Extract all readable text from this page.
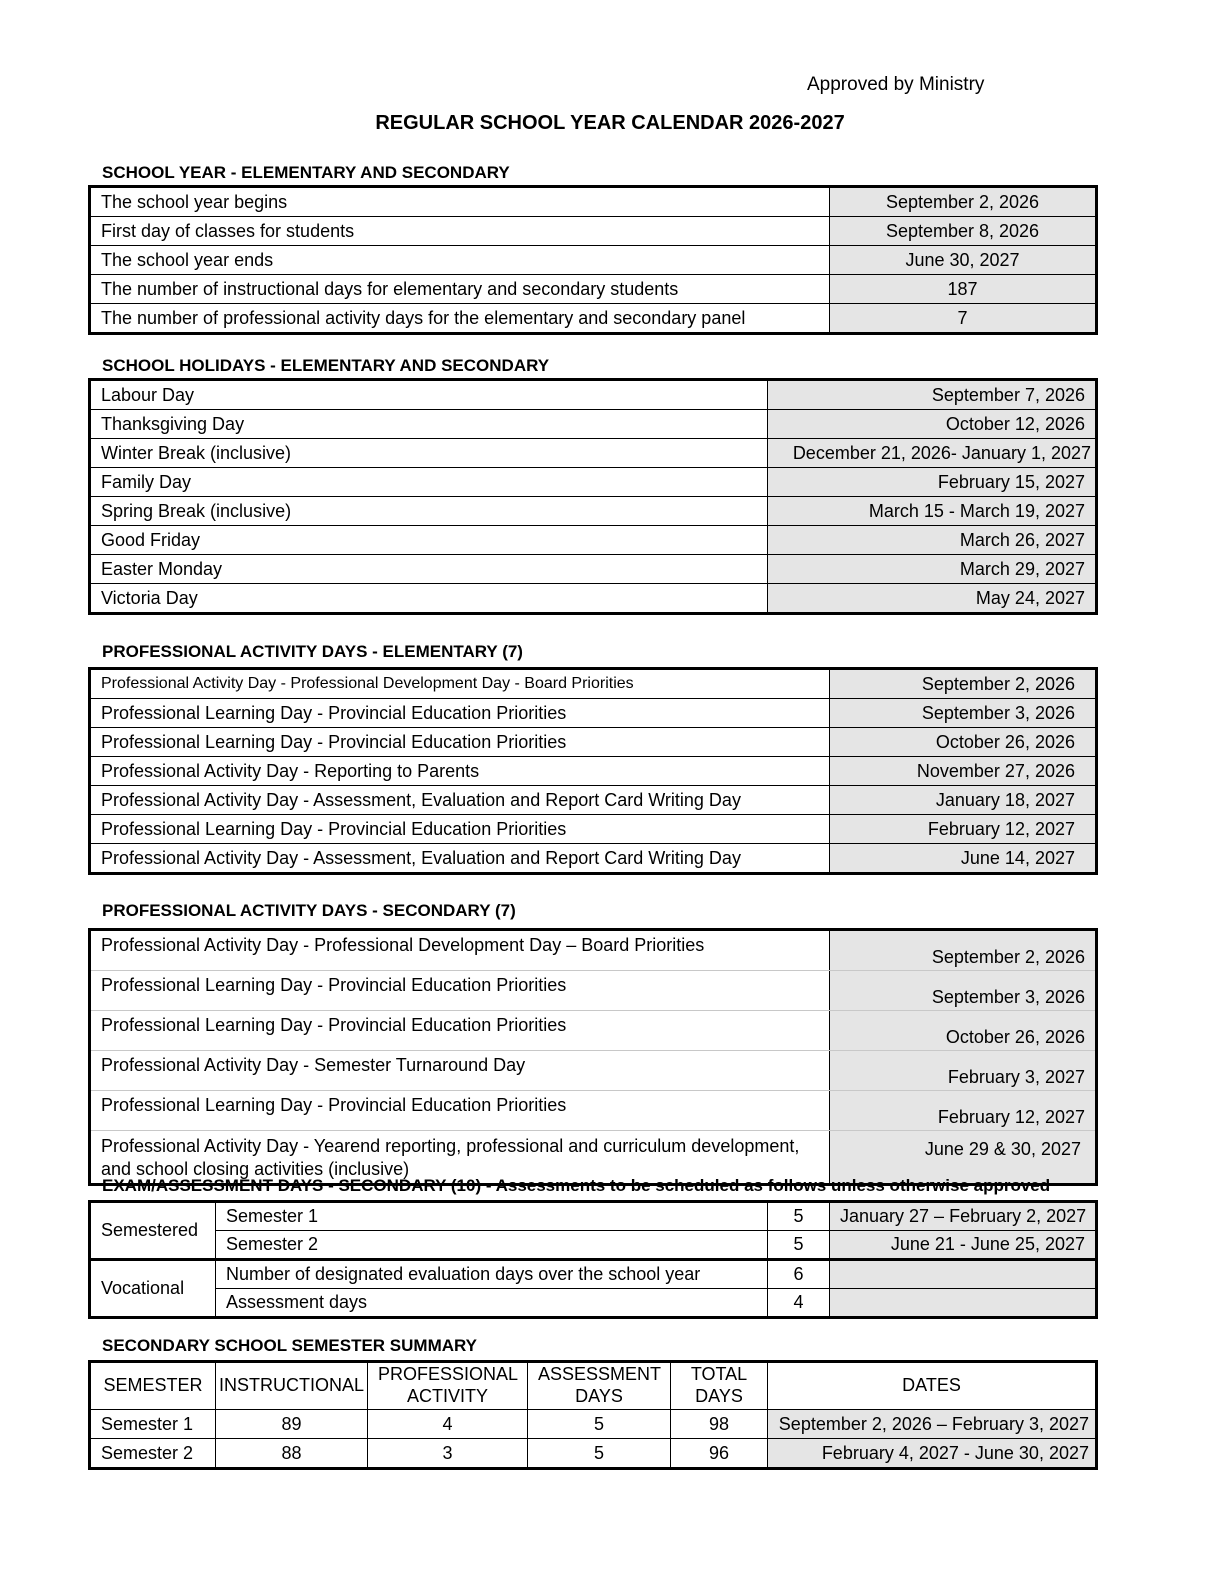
Approved by Ministry
REGULAR SCHOOL YEAR CALENDAR 2026-2027
SCHOOL YEAR - ELEMENTARY AND SECONDARY
The school year begins	September 2, 2026
First day of classes for students	September 8, 2026
The school year ends	June 30, 2027
The number of instructional days for elementary and secondary students	187
The number of professional activity days for the elementary and secondary panel	7
SCHOOL HOLIDAYS - ELEMENTARY AND SECONDARY
Labour Day	September 7, 2026
Thanksgiving Day	October 12, 2026
Winter Break (inclusive)	December 21, 2026- January 1, 2027
Family Day	February 15, 2027
Spring Break (inclusive)	March 15 - March 19, 2027
Good Friday	March 26, 2027
Easter Monday	March 29, 2027
Victoria Day	May 24, 2027
PROFESSIONAL ACTIVITY DAYS - ELEMENTARY (7)
Professional Activity Day - Professional Development Day - Board Priorities	September 2, 2026
Professional Learning Day - Provincial Education Priorities	September 3, 2026
Professional Learning Day - Provincial Education Priorities	October 26, 2026
Professional Activity Day - Reporting to Parents	November 27, 2026
Professional Activity Day - Assessment, Evaluation and Report Card Writing Day	January 18, 2027
Professional Learning Day - Provincial Education Priorities	February 12, 2027
Professional Activity Day - Assessment, Evaluation and Report Card Writing Day	June 14, 2027
PROFESSIONAL ACTIVITY DAYS - SECONDARY (7)
Professional Activity Day - Professional Development Day – Board Priorities	September 2, 2026
Professional Learning Day - Provincial Education Priorities	September 3, 2026
Professional Learning Day - Provincial Education Priorities	October 26, 2026
Professional Activity Day - Semester Turnaround Day	February 3, 2027
Professional Learning Day - Provincial Education Priorities	February 12, 2027
Professional Activity Day - Yearend reporting, professional and curriculum development, and school closing activities (inclusive)	June 29 & 30, 2027
EXAM/ASSESSMENT DAYS - SECONDARY (10) - Assessments to be scheduled as follows unless otherwise approved
Semestered	Semester 1	5	January 27 – February 2, 2027
	Semester 2	5	June 21 - June 25, 2027
Vocational	Number of designated evaluation days over the school year	6	
	Assessment days	4	
SECONDARY SCHOOL SEMESTER SUMMARY
SEMESTER	INSTRUCTIONAL	PROFESSIONAL ACTIVITY	ASSESSMENT DAYS	TOTAL DAYS	DATES
Semester 1	89	4	5	98	September 2, 2026 – February 3, 2027
Semester 2	88	3	5	96	February 4, 2027 - June 30, 2027
